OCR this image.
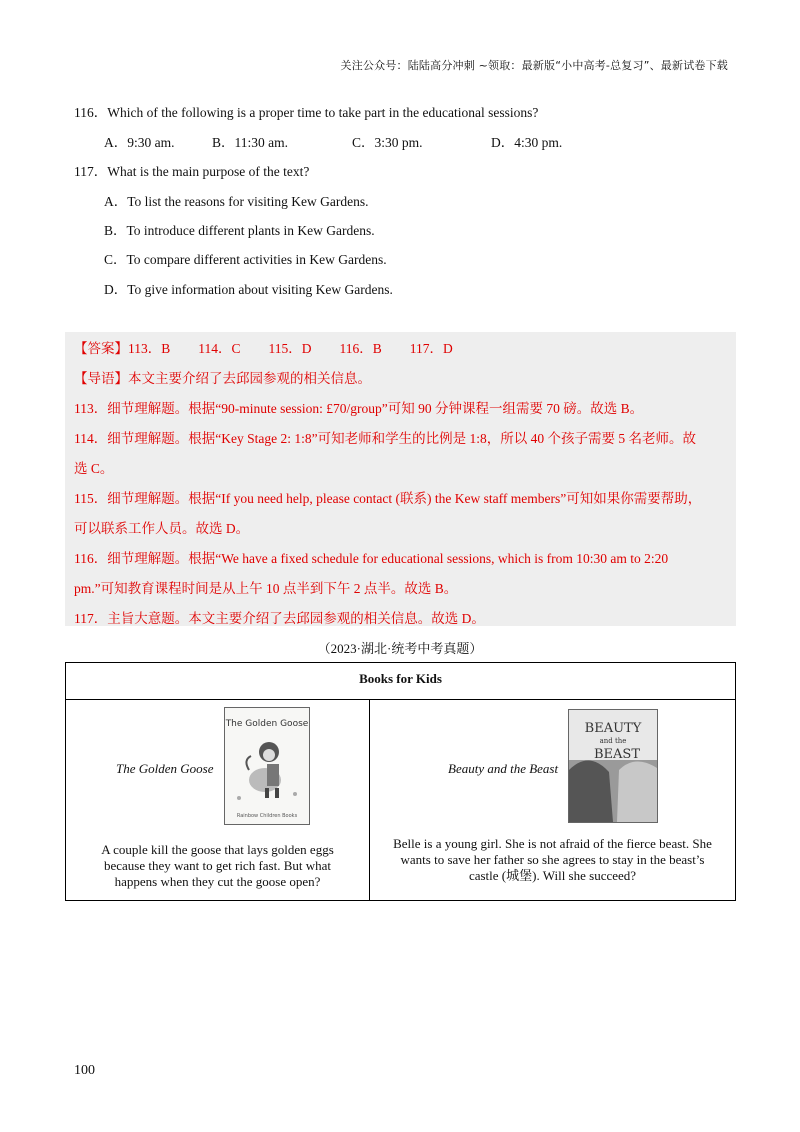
关注公众号：陆陆高分冲刺 ~领取：最新版“小中高考-总复习”、最新试卷下载
116．Which of the following is a proper time to take part in the educational sessions?
A．9:30 am.	B．11:30 am.	C．3:30 pm.	D．4:30 pm.
117．What is the main purpose of the text?
A．To list the reasons for visiting Kew Gardens.
B．To introduce different plants in Kew Gardens.
C．To compare different activities in Kew Gardens.
D．To give information about visiting Kew Gardens.
【答案】113．B 114．C 115．D 116．B 117．D
【导语】本文主要介绍了去邱园参观的相关信息。
113．细节理解题。根据“90-minute session: £70/group”可知 90 分钟课程一组需要 70 磅。故选 B。
114．细节理解题。根据“Key Stage 2: 1:8”可知老师和学生的比例是 1:8，所以 40 个孩子需要 5 名老师。故
选 C。
115．细节理解题。根据“If you need help, please contact (联系) the Kew staff members”可知如果你需要帮助，
可以联系工作人员。故选 D。
116．细节理解题。根据“We have a fixed schedule for educational sessions, which is from 10:30 am to 2:20
pm.”可知教育课程时间是从上午 10 点半到下午 2 点半。故选 B。
117．主旨大意题。本文主要介绍了去邱园参观的相关信息。故选 D。
（2023·湖北·统考中考真题）
Books for Kids

The Golden Goose
The Golden Goose
Rainbow Children Books
A couple kill the goose that lays golden eggs
because they want to get rich fast. But what
happens when they cut the goose open?

Beauty and the Beast
BEAUTY
and the
BEAST
Belle is a young girl. She is not afraid of the fierce beast. She
wants to save her father so she agrees to stay in the beast’s
castle (城堡). Will she succeed?
100
